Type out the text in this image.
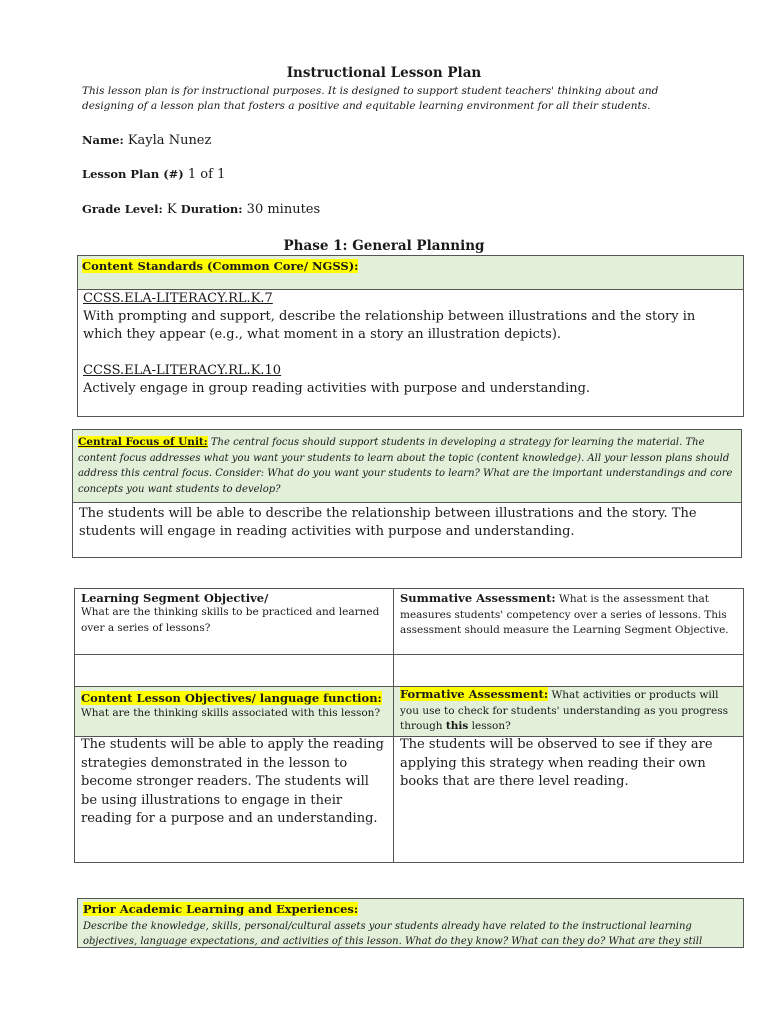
Instructional Lesson Plan
This lesson plan is for instructional purposes. It is designed to support student teachers' thinking about and designing of a lesson plan that fosters a positive and equitable learning environment for all their students.
Name: Kayla Nunez
Lesson Plan (#) 1 of 1
Grade Level: K Duration: 30 minutes
Phase 1: General Planning
Content Standards (Common Core/ NGSS):
CCSS.ELA-LITERACY.RL.K.7
With prompting and support, describe the relationship between illustrations and the story in which they appear (e.g., what moment in a story an illustration depicts).
CCSS.ELA-LITERACY.RL.K.10
Actively engage in group reading activities with purpose and understanding.

Central Focus of Unit: The central focus should support students in developing a strategy for learning the material. The content focus addresses what you want your students to learn about the topic (content knowledge). All your lesson plans should address this central focus. Consider: What do you want your students to learn? What are the important understandings and core concepts you want students to develop?

The students will be able to describe the relationship between illustrations and the story. The students will engage in reading activities with purpose and understanding.
Learning Segment Objective/
What are the thinking skills to be practiced and learned over a series of lessons?
Summative Assessment: What is the assessment that measures students' competency over a series of lessons. This assessment should measure the Learning Segment Objective.
Content Lesson Objectives/ language function:
What are the thinking skills associated with this lesson?
Formative Assessment: What activities or products will you use to check for students' understanding as you progress through this lesson?
The students will be able to apply the reading strategies demonstrated in the lesson to become stronger readers. The students will be using illustrations to engage in their reading for a purpose and an understanding.
The students will be observed to see if they are applying this strategy when reading their own books that are there level reading.

Prior Academic Learning and Experiences:
Describe the knowledge, skills, personal/cultural assets your students already have related to the instructional learning objectives, language expectations, and activities of this lesson. What do they know? What can they do? What are they still
